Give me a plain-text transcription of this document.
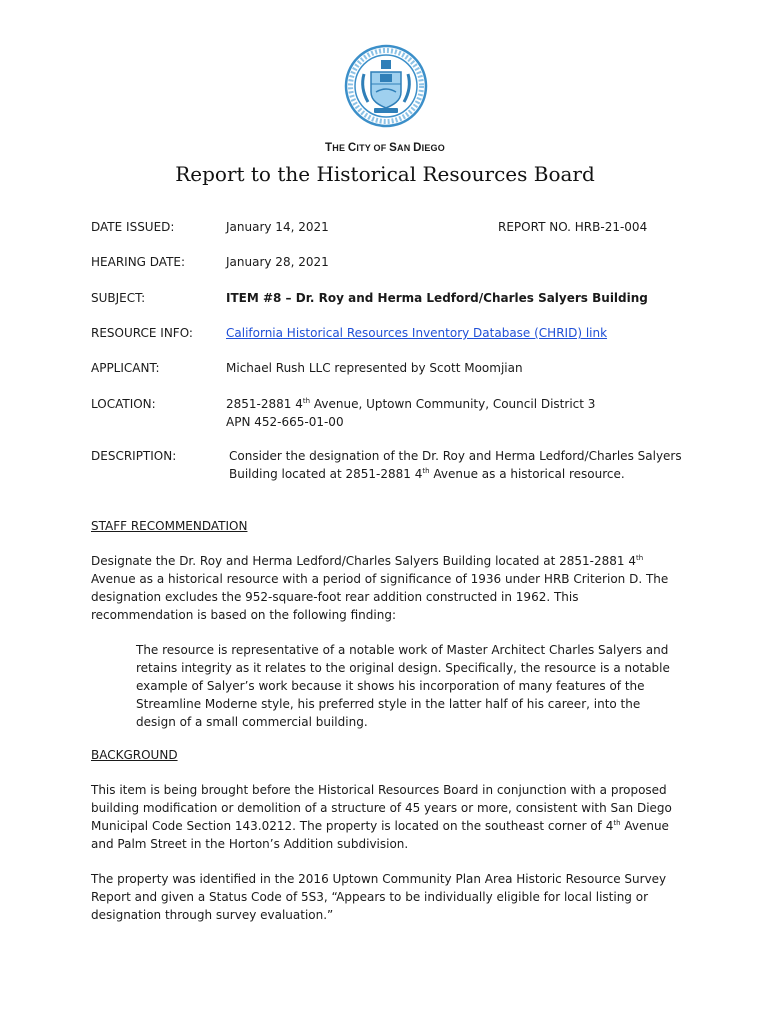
THE CITY OF SAN DIEGO
Report to the Historical Resources Board
DATE ISSUED:	January 14, 2021	REPORT NO. HRB-21-004
HEARING DATE:	January 28, 2021
SUBJECT:	ITEM #8 – Dr. Roy and Herma Ledford/Charles Salyers Building
RESOURCE INFO:	California Historical Resources Inventory Database (CHRID) link
APPLICANT:	Michael Rush LLC represented by Scott Moomjian
LOCATION:	2851-2881 4th Avenue, Uptown Community, Council District 3
APN 452-665-01-00
DESCRIPTION:	Consider the designation of the Dr. Roy and Herma Ledford/Charles Salyers
Building located at 2851-2881 4th Avenue as a historical resource.
STAFF RECOMMENDATION
Designate the Dr. Roy and Herma Ledford/Charles Salyers Building located at 2851-2881 4th Avenue as a historical resource with a period of significance of 1936 under HRB Criterion D. The designation excludes the 952-square-foot rear addition constructed in 1962. This recommendation is based on the following finding:
The resource is representative of a notable work of Master Architect Charles Salyers and retains integrity as it relates to the original design. Specifically, the resource is a notable example of Salyer’s work because it shows his incorporation of many features of the Streamline Moderne style, his preferred style in the latter half of his career, into the design of a small commercial building.
BACKGROUND
This item is being brought before the Historical Resources Board in conjunction with a proposed building modification or demolition of a structure of 45 years or more, consistent with San Diego Municipal Code Section 143.0212. The property is located on the southeast corner of 4th Avenue and Palm Street in the Horton’s Addition subdivision.
The property was identified in the 2016 Uptown Community Plan Area Historic Resource Survey Report and given a Status Code of 5S3, “Appears to be individually eligible for local listing or designation through survey evaluation.”
